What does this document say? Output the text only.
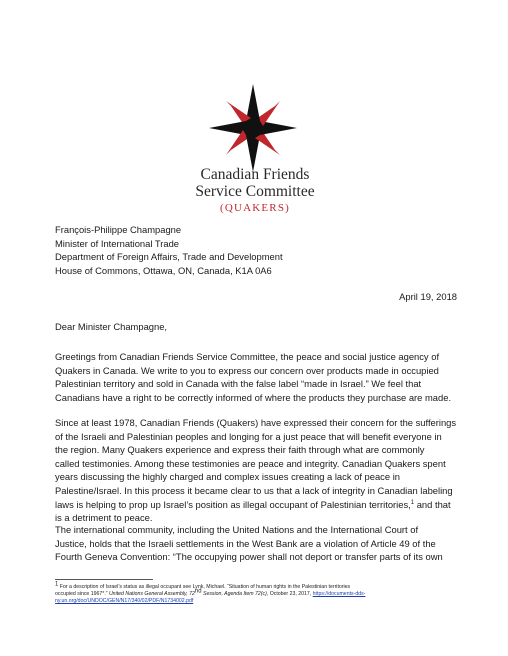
Canadian Friends
Service Committee
(QUAKERS)
François-Philippe Champagne
Minister of International Trade
Department of Foreign Affairs, Trade and Development
House of Commons, Ottawa, ON, Canada, K1A 0A6
April 19, 2018
Dear Minister Champagne,
Greetings from Canadian Friends Service Committee, the peace and social justice agency of
Quakers in Canada. We write to you to express our concern over products made in occupied
Palestinian territory and sold in Canada with the false label “made in Israel.” We feel that
Canadians have a right to be correctly informed of where the products they purchase are made.
Since at least 1978, Canadian Friends (Quakers) have expressed their concern for the sufferings
of the Israeli and Palestinian peoples and longing for a just peace that will benefit everyone in
the region. Many Quakers experience and express their faith through what are commonly
called testimonies. Among these testimonies are peace and integrity. Canadian Quakers spent
years discussing the highly charged and complex issues creating a lack of peace in
Palestine/Israel. In this process it became clear to us that a lack of integrity in Canadian labeling
laws is helping to prop up Israel’s position as illegal occupant of Palestinian territories,$^1$ and that
is a detriment to peace.
The international community, including the United Nations and the International Court of
Justice, holds that the Israeli settlements in the West Bank are a violation of Article 49 of the
Fourth Geneva Convention: “The occupying power shall not deport or transfer parts of its own
$^1$ For a description of Israel’s status as illegal occupant see Lynk, Michael. “Situation of human rights in the Palestinian territories
occupied since 1967*.” United Nations General Assembly, 72nd Session, Agenda Item 72(c), October 23, 2017, https://documents-dds-
ny.un.org/doc/UNDOC/GEN/N17/340/02/PDF/N1734002.pdf
